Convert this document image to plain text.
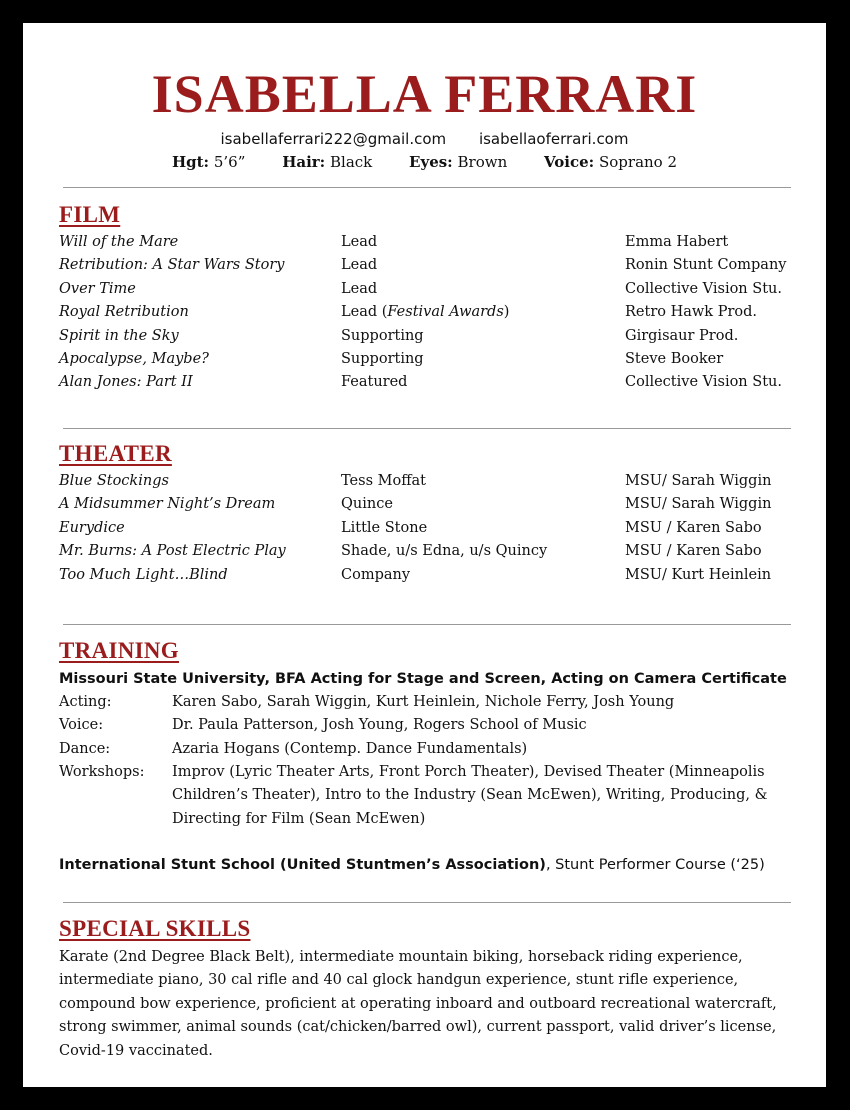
ISABELLA FERRARI
isabellaferrari222@gmail.com isabellaoferrari.com
Hgt: 5’6” Hair: Black Eyes: Brown Voice: Soprano 2
FILM
Will of the Mare	Lead	Emma Habert
Retribution: A Star Wars Story	Lead	Ronin Stunt Company
Over Time	Lead	Collective Vision Stu.
Royal Retribution	Lead (Festival Awards)	Retro Hawk Prod.
Spirit in the Sky	Supporting	Girgisaur Prod.
Apocalypse, Maybe?	Supporting	Steve Booker
Alan Jones: Part II	Featured	Collective Vision Stu.
THEATER
Blue Stockings	Tess Moffat	MSU/ Sarah Wiggin
A Midsummer Night’s Dream	Quince	MSU/ Sarah Wiggin
Eurydice	Little Stone	MSU / Karen Sabo
Mr. Burns: A Post Electric Play	Shade, u/s Edna, u/s Quincy	MSU / Karen Sabo
Too Much Light…Blind	Company	MSU/ Kurt Heinlein
TRAINING
Missouri State University, BFA Acting for Stage and Screen, Acting on Camera Certificate
Acting:	Karen Sabo, Sarah Wiggin, Kurt Heinlein, Nichole Ferry, Josh Young
Voice:	Dr. Paula Patterson, Josh Young, Rogers School of Music
Dance:	Azaria Hogans (Contemp. Dance Fundamentals)
Workshops: Improv (Lyric Theater Arts, Front Porch Theater), Devised Theater (Minneapolis Children’s Theater), Intro to the Industry (Sean McEwen), Writing, Producing, & Directing for Film (Sean McEwen)
International Stunt School (United Stuntmen’s Association), Stunt Performer Course (‘25)
SPECIAL SKILLS
Karate (2nd Degree Black Belt), intermediate mountain biking, horseback riding experience, intermediate piano, 30 cal rifle and 40 cal glock handgun experience, stunt rifle experience, compound bow experience, proficient at operating inboard and outboard recreational watercraft, strong swimmer, animal sounds (cat/chicken/barred owl), current passport, valid driver’s license, Covid-19 vaccinated.
